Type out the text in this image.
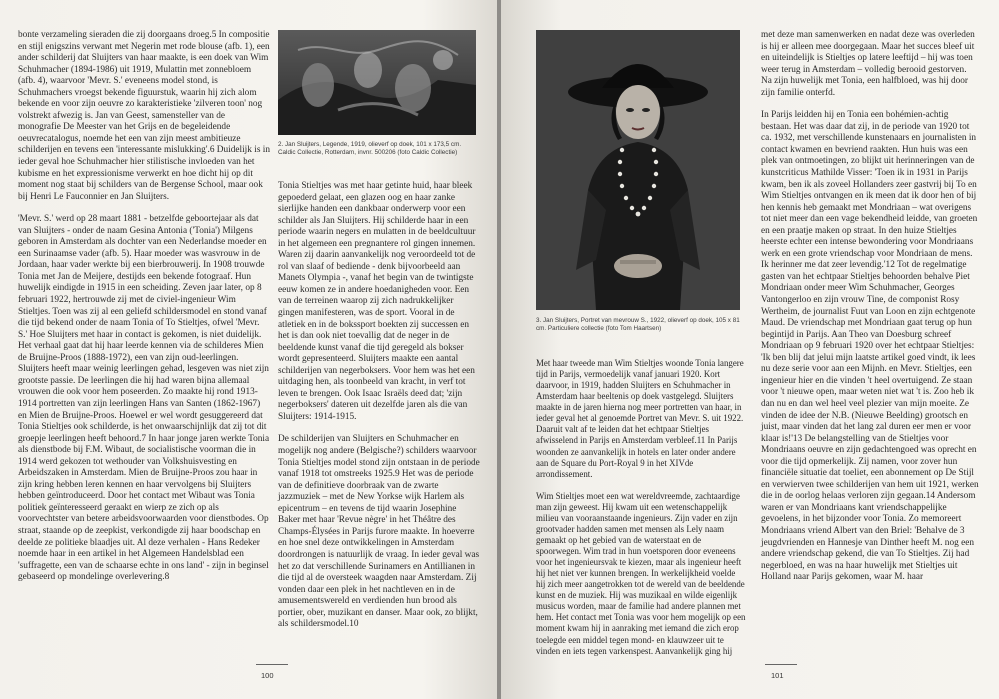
bonte verzameling sieraden die zij doorgaans droeg.5 In compositie en stijl enigszins verwant met Negerin met rode blouse (afb. 1), een ander schilderij dat Sluijters van haar maakte, is een doek van Wim Schuhmacher (1894-1986) uit 1919, Mulattin met zonnebloem (afb. 4), waarvoor 'Mevr. S.' eveneens model stond, is Schuhmachers vroegst bekende figuurstuk, waarin hij zich alom bekende en voor zijn oeuvre zo karakteristieke 'zilveren toon' nog volstrekt afwezig is. Jan van Geest, samensteller van de monografie De Meester van het Grijs en de begeleidende oeuvrecatalogus, noemde het een van zijn meest ambitieuze schilderijen en tevens een 'interessante mislukking'.6 Duidelijk is in ieder geval hoe Schuhmacher hier stilistische invloeden van het kubisme en het expressionisme verwerkt en hoe dicht hij op dit moment nog staat bij schilders van de Bergense School, maar ook bij Henri Le Fauconnier en Jan Sluijters.

'Mevr. S.' werd op 28 maart 1881 - betzelfde geboortejaar als dat van Sluijters - onder de naam Gesina Antonia ('Tonia') Milgens geboren in Amsterdam als dochter van een Nederlandse moeder en een Surinaamse vader (afb. 5). Haar moeder was wasvrouw in de Jordaan, haar vader werkte bij een bierbrouwerij. In 1908 trouwde Tonia met Jan de Meijere, destijds een bekende fotograaf. Hun huwelijk eindigde in 1915 in een scheiding. Zeven jaar later, op 8 februari 1922, hertrouwde zij met de civiel-ingenieur Wim Stieltjes. Toen was zij al een geliefd schildersmodel en stond vanaf die tijd bekend onder de naam Tonia of To Stieltjes, ofwel 'Mevr. S.' Hoe Sluijters met haar in contact is gekomen, is niet duidelijk. Het verhaal gaat dat hij haar leerde kennen via de schilderes Mien de Bruijne-Proos (1888-1972), een van zijn oud-leerlingen. Sluijters heeft maar weinig leerlingen gehad, lesgeven was niet zijn grootste passie. De leerlingen die hij had waren bijna allemaal vrouwen die ook voor hem poseerden. Zo maakte hij rond 1913-1914 portretten van zijn leerlingen Hans van Santen (1862-1967) en Mien de Bruijne-Proos. Hoewel er wel wordt gesuggereerd dat Tonia Stieltjes ook schilderde, is het onwaarschijnlijk dat zij tot dit groepje leerlingen heeft behoord.7 In haar jonge jaren werkte Tonia als dienstbode bij F.M. Wibaut, de socialistische voorman die in 1914 werd gekozen tot wethouder van Volkshuisvesting en Arbeidszaken in Amsterdam. Mien de Bruijne-Proos zou haar in zijn kring hebben leren kennen en haar vervolgens bij Sluijters hebben geïntroduceerd. Door het contact met Wibaut was Tonia politiek geïnteresseerd geraakt en wierp ze zich op als voorvechtster van betere arbeidsvoorwaarden voor dienstbodes. Op straat, staande op de zeepkist, verkondigde zij haar boodschap en deelde ze politieke blaadjes uit. Al deze verhalen - Hans Redeker noemde haar in een artikel in het Algemeen Handelsblad een 'suffragette, een van de schaarse echte in ons land' - zijn in beginsel gebaseerd op mondelinge overlevering.8

2. Jan Sluijters, Legende, 1919, olieverf op doek, 101 x 173,5 cm. Caldic Collectie, Rotterdam, invnr. 500206 (foto Caldic Collectie)

Tonia Stieltjes was met haar getinte huid, haar bleek gepoederd gelaat, een glazen oog en haar zanke sierlijke handen een dankbaar onderwerp voor een schilder als Jan Sluijters. Hij schilderde haar in een periode waarin negers en mulatten in de beeldcultuur in het algemeen een pregnantere rol gingen innemen. Waren zij daarin aanvankelijk nog veroordeeld tot de rol van slaaf of bediende - denk bijvoorbeeld aan Manets Olympia -, vanaf het begin van de twintigste eeuw komen ze in andere hoedanigheden voor. Een van de terreinen waarop zij zich nadrukkelijker gingen manifesteren, was de sport. Vooral in de atletiek en in de bokssport boekten zij successen en het is dan ook niet toevallig dat de neger in de beeldende kunst vanaf die tijd geregeld als bokser wordt gepresenteerd. Sluijters maakte een aantal schilderijen van negerboksers. Voor hem was het een uitdaging hen, als toonbeeld van kracht, in verf tot leven te brengen. Ook Isaac Israëls deed dat; 'zijn negerboksers' dateren uit dezelfde jaren als die van Sluijters: 1914-1915.

De schilderijen van Sluijters en Schuhmacher en mogelijk nog andere (Belgische?) schilders waarvoor Tonia Stieltjes model stond zijn ontstaan in de periode vanaf 1918 tot omstreeks 1925.9 Het was de periode van de definitieve doorbraak van de zwarte jazzmuziek – met de New Yorkse wijk Harlem als epicentrum – en tevens de tijd waarin Josephine Baker met haar 'Revue nègre' in het Théâtre des Champs-Élysées in Parijs furore maakte. In hoeverre en hoe snel deze ontwikkelingen in Amsterdam doordrongen is natuurlijk de vraag. In ieder geval was het zo dat verschillende Surinamers en Antillianen in die tijd al de oversteek waagden naar Amsterdam. Zij vonden daar een plek in het nachtleven en in de amusementswereld en verdienden hun brood als portier, ober, muzikant en danser. Maar ook, zo blijkt, als schildersmodel.10

100
3. Jan Sluijters, Portret van mevrouw S., 1922, olieverf op doek, 105 x 81 cm. Particuliere collectie (foto Tom Haartsen)

Met haar tweede man Wim Stieltjes woonde Tonia langere tijd in Parijs, vermoedelijk vanaf januari 1920. Kort daarvoor, in 1919, hadden Sluijters en Schuhmacher in Amsterdam haar beeltenis op doek vastgelegd. Sluijters maakte in de jaren hierna nog meer portretten van haar, in ieder geval het al genoemde Portret van Mevr. S. uit 1922. Daaruit valt af te leiden dat het echtpaar Stieltjes afwisselend in Parijs en Amsterdam verbleef.11 In Parijs woonden ze aanvankelijk in hotels en later onder andere aan de Square du Port-Royal 9 in het XIVde arrondissement.

Wim Stieltjes moet een wat wereldvreemde, zachtaardige man zijn geweest. Hij kwam uit een wetenschappelijk milieu van vooraanstaande ingenieurs. Zijn vader en zijn grootvader hadden samen met mensen als Lely naam gemaakt op het gebied van de waterstaat en de spoorwegen. Wim trad in hun voetsporen door eveneens voor het ingenieursvak te kiezen, maar als ingenieur heeft hij het niet ver kunnen brengen. In werkelijkheid voelde hij zich meer aangetrokken tot de wereld van de beeldende kunst en de muziek. Hij was muzikaal en wilde eigenlijk musicus worden, maar de familie had andere plannen met hem. Het contact met Tonia was voor hem mogelijk op een moment kwam hij in aanraking met iemand die zich erop toelegde een middel tegen mond- en klauwzeer uit te vinden en iets tegen varkenspest. Aanvankelijk ging hij

met deze man samenwerken en nadat deze was overleden is hij er alleen mee doorgegaan. Maar het succes bleef uit en uiteindelijk is Stieltjes op latere leeftijd – hij was toen weer terug in Amsterdam – volledig berooid gestorven. Na zijn huwelijk met Tonia, een halfbloed, was hij door zijn familie onterfd.

In Parijs leidden hij en Tonia een bohémien-achtig bestaan. Het was daar dat zij, in de periode van 1920 tot ca. 1932, met verschillende kunstenaars en journalisten in contact kwamen en bevriend raakten. Hun huis was een plek van ontmoetingen, zo blijkt uit herinneringen van de kunstcriticus Mathilde Visser: 'Toen ik in 1931 in Parijs kwam, ben ik als zoveel Hollanders zeer gastvrij bij To en Wim Stieltjes ontvangen en ik meen dat ik door hen of bij hen kennis heb gemaakt met Mondriaan – wat overigens tot niet meer dan een vage bekendheid leidde, van groeten en een praatje maken op straat. In den huize Stieltjes heerste echter een intense bewondering voor Mondriaans werk en een grote vriendschap voor Mondriaan de mens. Ik herinner me dat zeer levendig.'12 Tot de regelmatige gasten van het echtpaar Stieltjes behoorden behalve Piet Mondriaan onder meer Wim Schuhmacher, Georges Vantongerloo en zijn vrouw Tine, de componist Rosy Wertheim, de journalist Fuut van Loon en zijn echtgenote Maud. De vriendschap met Mondriaan gaat terug op hun begintijd in Parijs. Aan Theo van Doesburg schreef Mondriaan op 9 februari 1920 over het echtpaar Stieltjes: 'Ik ben blij dat jelui mijn laatste artikel goed vindt, ik lees nu deze serie voor aan een Mijnh. en Mevr. Stieltjes, een ingenieur hier en die vinden 't heel overtuigend. Ze staan voor 't nieuwe open, maar weten niet wat 't is. Zoo heb ik dan nu en dan wel heel veel plezier van mijn moeite. Ze vinden de idee der N.B. (Nieuwe Beelding) grootsch en juist, maar vinden dat het lang zal duren eer men er voor klaar is!'13 De belangstelling van de Stieltjes voor Mondriaans oeuvre en zijn gedachtengoed was oprecht en voor die tijd opmerkelijk. Zij namen, voor zover hun financiële situatie dat toeliet, een abonnement op De Stijl en verwierven twee schilderijen van hem uit 1921, werken die in de oorlog helaas verloren zijn gegaan.14 Andersom waren er van Mondriaans kant vriendschappelijke gevoelens, in het bijzonder voor Tonia. Zo memoreert Mondriaans vriend Albert van den Briel: 'Behalve de 3 jeugdvrienden en Hannesje van Dinther heeft M. nog een andere vriendschap gekend, die van To Stieltjes. Zij had negerbloed, en was na haar huwelijk met Stieltjes uit Holland naar Parijs gekomen, waar M. haar

101
